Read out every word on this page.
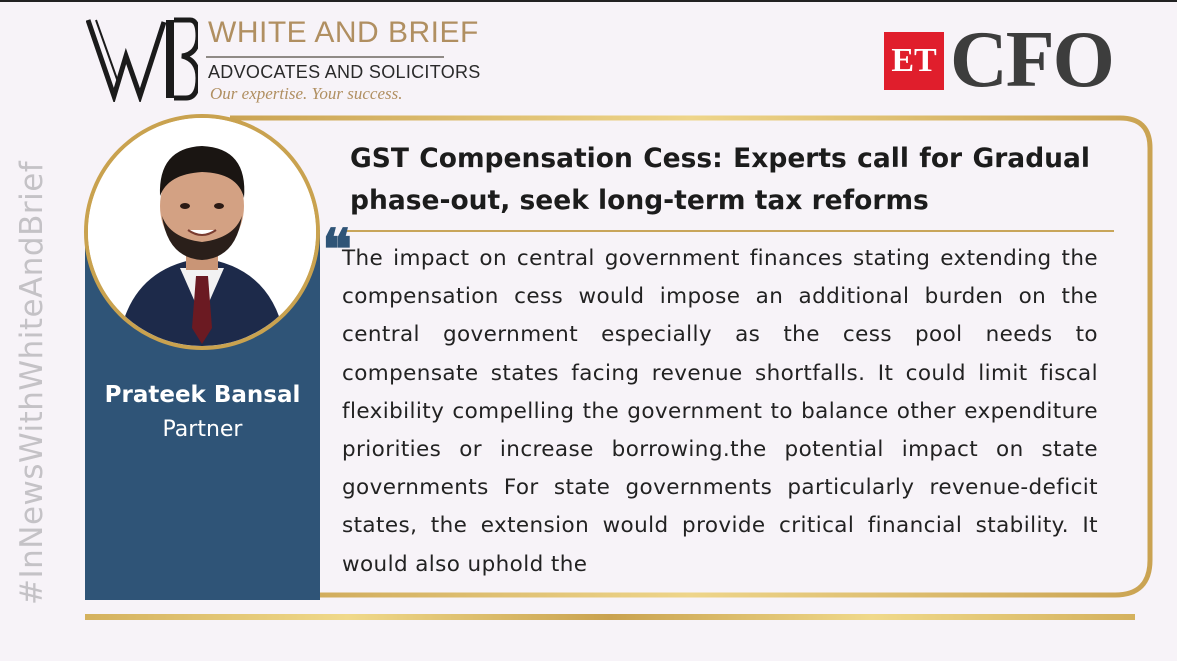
#InNewsWithWhiteAndBrief
WHITE AND BRIEF
ADVOCATES AND SOLICITORS
Our expertise. Your success.
ET CFO
Prateek Bansal
Partner
GST Compensation Cess: Experts call for Gradual phase-out, seek long-term tax reforms
❝
The impact on central government finances stating extending the compensation cess would impose an additional burden on the central government especially as the cess pool needs to compensate states facing revenue shortfalls. It could limit fiscal flexibility compelling the government to balance other expenditure priorities or increase borrowing.the potential impact on state governments For state governments particularly revenue-deficit states, the extension would provide critical financial stability. It would also uphold the
